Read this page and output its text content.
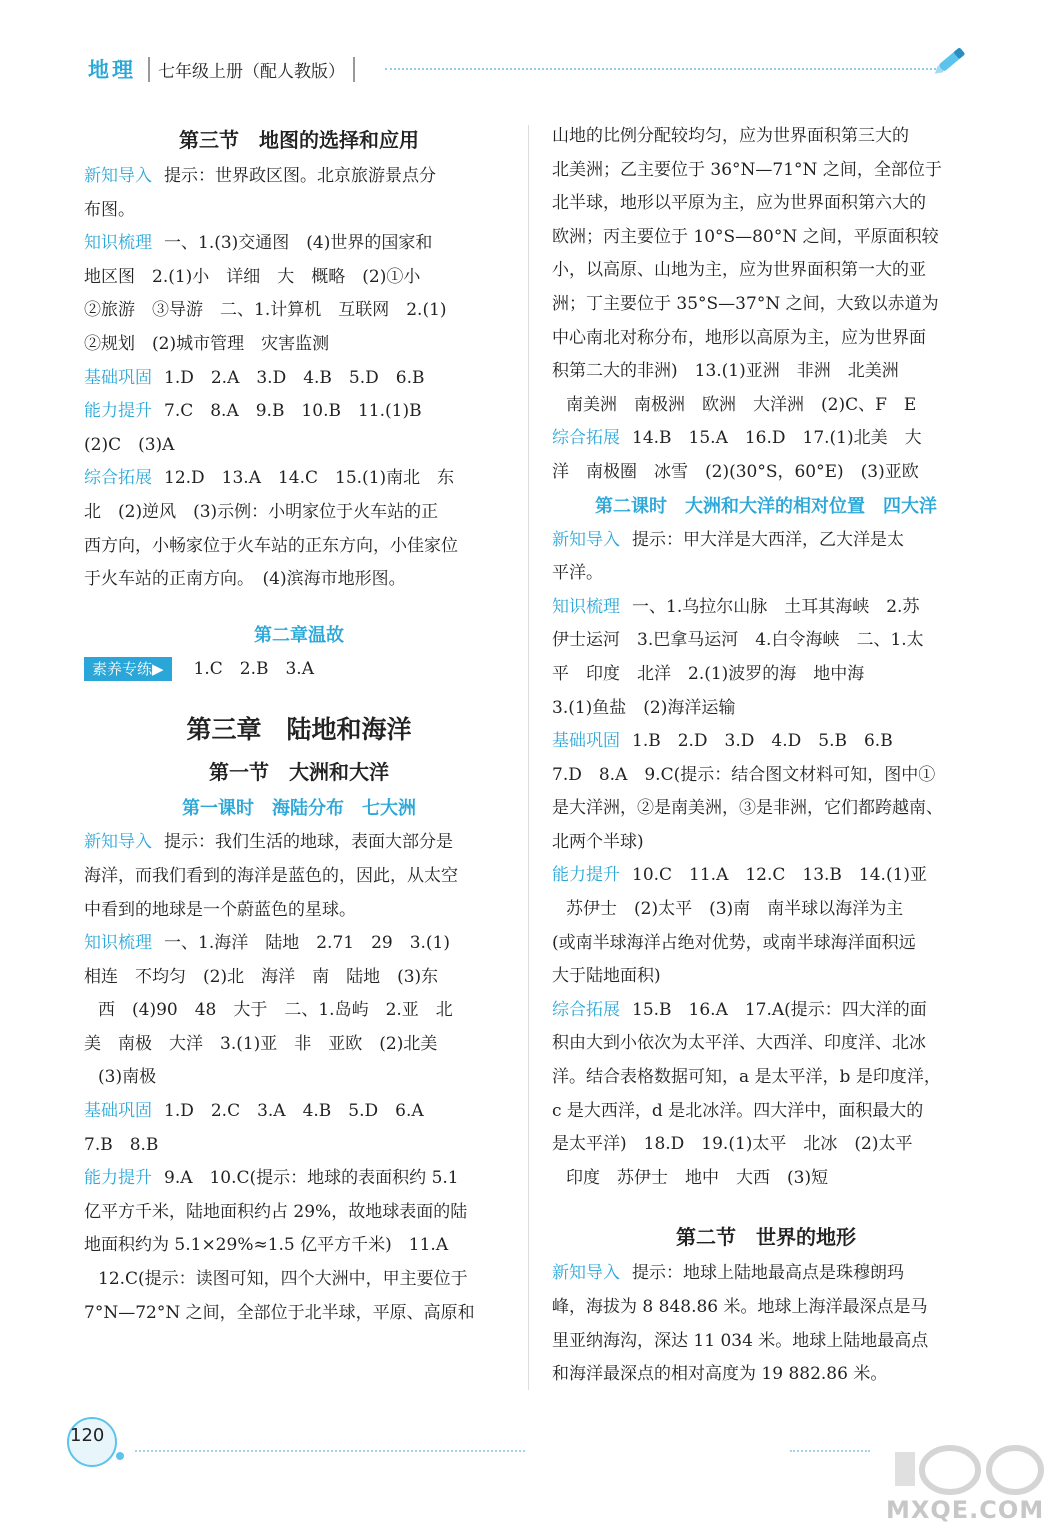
地理	七年级上册（配人教版）

第三节　地图的选择和应用

新知导入 提示：世界政区图。北京旅游景点分

布图。

知识梳理 一、1.(3)交通图　(4)世界的国家和

地区图　2.(1)小　详细　大　概略　(2)①小

②旅游　③导游　二、1.计算机　互联网　2.(1)

②规划　(2)城市管理　灾害监测

基础巩固 1.D　2.A　3.D　4.B　5.D　6.B

能力提升 7.C　8.A　9.B　10.B　11.(1)B

(2)C　(3)A

综合拓展 12.D　13.A　14.C　15.(1)南北　东

北　(2)逆风　(3)示例：小明家位于火车站的正

西方向，小畅家位于火车站的正东方向，小佳家位

于火车站的正南方向。　(4)滨海市地形图。

第二章温故

素养专练▶ 1.C　2.B　3.A

第三章　陆地和海洋

第一节　大洲和大洋

第一课时　海陆分布　七大洲

新知导入 提示：我们生活的地球，表面大部分是

海洋，而我们看到的海洋是蓝色的，因此，从太空

中看到的地球是一个蔚蓝色的星球。

知识梳理 一、1.海洋　陆地　2.71　29　3.(1)

相连　不均匀　(2)北　海洋　南　陆地　(3)东

西　(4)90　48　大于　二、1.岛屿　2.亚　北

美　南极　大洋　3.(1)亚　非　亚欧　(2)北美

(3)南极

基础巩固 1.D　2.C　3.A　4.B　5.D　6.A

7.B　8.B

能力提升 9.A　10.C(提示：地球的表面积约 5.1

亿平方千米，陆地面积约占 29%，故地球表面的陆

地面积约为 5.1×29%≈1.5 亿平方千米)　11.A

12.C(提示：读图可知，四个大洲中，甲主要位于

7°N—72°N 之间，全部位于北半球，平原、高原和

山地的比例分配较均匀，应为世界面积第三大的

北美洲；乙主要位于 36°N—71°N 之间，全部位于

北半球，地形以平原为主，应为世界面积第六大的

欧洲；丙主要位于 10°S—80°N 之间，平原面积较

小，以高原、山地为主，应为世界面积第一大的亚

洲；丁主要位于 35°S—37°N 之间，大致以赤道为

中心南北对称分布，地形以高原为主，应为世界面

积第二大的非洲)　13.(1)亚洲　非洲　北美洲

南美洲　南极洲　欧洲　大洋洲　(2)C、F　E

综合拓展 14.B　15.A　16.D　17.(1)北美　大

洋　南极圈　冰雪　(2)(30°S，60°E)　(3)亚欧

第二课时　大洲和大洋的相对位置　四大洋

新知导入 提示：甲大洋是大西洋，乙大洋是太

平洋。

知识梳理 一、1.乌拉尔山脉　土耳其海峡　2.苏

伊士运河　3.巴拿马运河　4.白令海峡　二、1.太

平　印度　北洋　2.(1)波罗的海　地中海

3.(1)鱼盐　(2)海洋运输

基础巩固 1.B　2.D　3.D　4.D　5.B　6.B

7.D　8.A　9.C(提示：结合图文材料可知，图中①

是大洋洲，②是南美洲，③是非洲，它们都跨越南、

北两个半球)

能力提升 10.C　11.A　12.C　13.B　14.(1)亚

苏伊士　(2)太平　(3)南　南半球以海洋为主

(或南半球海洋占绝对优势，或南半球海洋面积远

大于陆地面积)

综合拓展 15.B　16.A　17.A(提示：四大洋的面

积由大到小依次为太平洋、大西洋、印度洋、北冰

洋。结合表格数据可知，a 是太平洋，b 是印度洋，

c 是大西洋，d 是北冰洋。四大洋中，面积最大的

是太平洋)　18.D　19.(1)太平　北冰　(2)太平

印度　苏伊士　地中　大西　(3)短

第二节　世界的地形

新知导入 提示：地球上陆地最高点是珠穆朗玛

峰，海拔为 8 848.86 米。地球上海洋最深点是马

里亚纳海沟，深达 11 034 米。地球上陆地最高点

和海洋最深点的相对高度为 19 882.86 米。

120
MXQE.COM
